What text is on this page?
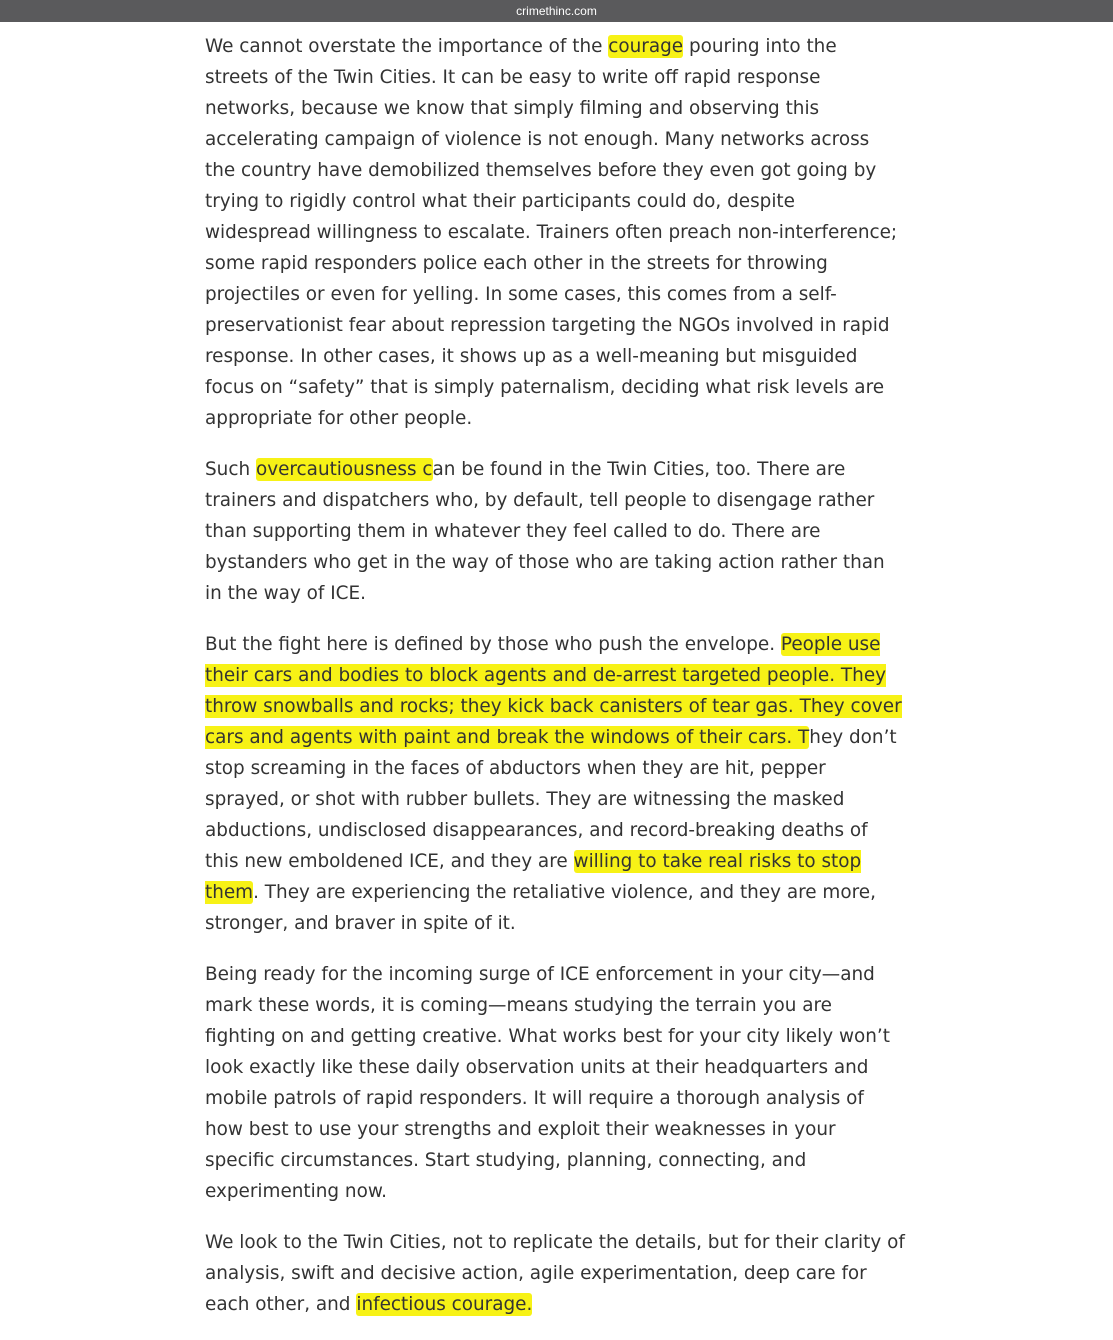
crimethinc.com

We cannot overstate the importance of the courage pouring into the streets of the Twin Cities. It can be easy to write off rapid response networks, because we know that simply filming and observing this accelerating campaign of violence is not enough. Many networks across the country have demobilized themselves before they even got going by trying to rigidly control what their participants could do, despite widespread willingness to escalate. Trainers often preach non-interference; some rapid responders police each other in the streets for throwing projectiles or even for yelling. In some cases, this comes from a self-preservationist fear about repression targeting the NGOs involved in rapid response. In other cases, it shows up as a well-meaning but misguided focus on “safety” that is simply paternalism, deciding what risk levels are appropriate for other people.

Such overcautiousness can be found in the Twin Cities, too. There are trainers and dispatchers who, by default, tell people to disengage rather than supporting them in whatever they feel called to do. There are bystanders who get in the way of those who are taking action rather than in the way of ICE.

But the fight here is defined by those who push the envelope. People use their cars and bodies to block agents and de-arrest targeted people. They throw snowballs and rocks; they kick back canisters of tear gas. They cover cars and agents with paint and break the windows of their cars. They don’t stop screaming in the faces of abductors when they are hit, pepper sprayed, or shot with rubber bullets. They are witnessing the masked abductions, undisclosed disappearances, and record-breaking deaths of this new emboldened ICE, and they are willing to take real risks to stop them. They are experiencing the retaliative violence, and they are more, stronger, and braver in spite of it.

Being ready for the incoming surge of ICE enforcement in your city—and mark these words, it is coming—means studying the terrain you are fighting on and getting creative. What works best for your city likely won’t look exactly like these daily observation units at their headquarters and mobile patrols of rapid responders. It will require a thorough analysis of how best to use your strengths and exploit their weaknesses in your specific circumstances. Start studying, planning, connecting, and experimenting now.

We look to the Twin Cities, not to replicate the details, but for their clarity of analysis, swift and decisive action, agile experimentation, deep care for each other, and infectious courage.
